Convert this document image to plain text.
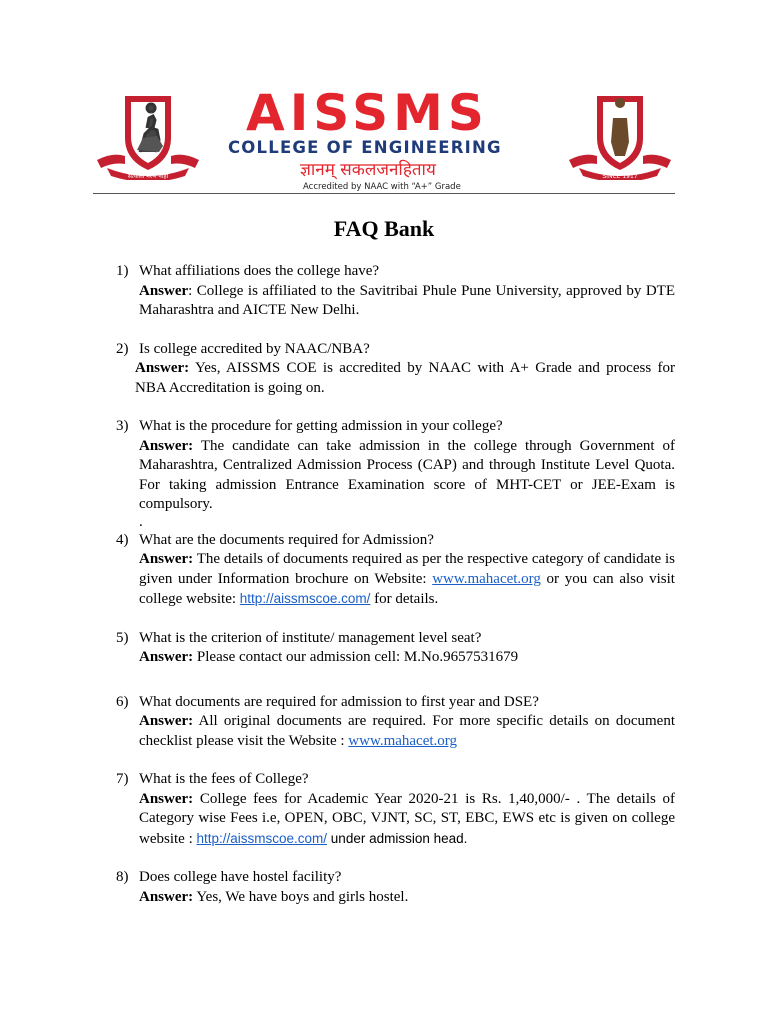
सत्याला मरण नाही
AISSMS
COLLEGE OF ENGINEERING
ज्ञानम् सकलजनहिताय
Accredited by NAAC with “A+” Grade
SINCE 1917
FAQ Bank
1) What affiliations does the college have?
Answer: College is affiliated to the Savitribai Phule Pune University, approved by DTE Maharashtra and AICTE New Delhi.
2) Is college accredited by NAAC/NBA?
Answer: Yes, AISSMS COE is accredited by NAAC with A+ Grade and process for NBA Accreditation is going on.
3) What is the procedure for getting admission in your college?
Answer: The candidate can take admission in the college through Government of Maharashtra, Centralized Admission Process (CAP) and through Institute Level Quota. For taking admission Entrance Examination score of MHT-CET or JEE-Exam is compulsory.
.
4) What are the documents required for Admission?
Answer: The details of documents required as per the respective category of candidate is given under Information brochure on Website: www.mahacet.org or you can also visit college website: http://aissmscoe.com/ for details.
5) What is the criterion of institute/ management level seat?
Answer: Please contact our admission cell: M.No.9657531679
6) What documents are required for admission to first year and DSE?
Answer: All original documents are required. For more specific details on document checklist please visit the Website : www.mahacet.org
7) What is the fees of College?
Answer: College fees for Academic Year 2020-21 is Rs. 1,40,000/- . The details of Category wise Fees i.e, OPEN, OBC, VJNT, SC, ST, EBC, EWS etc is given on college website : http://aissmscoe.com/ under admission head.
8) Does college have hostel facility?
Answer: Yes, We have boys and girls hostel.
